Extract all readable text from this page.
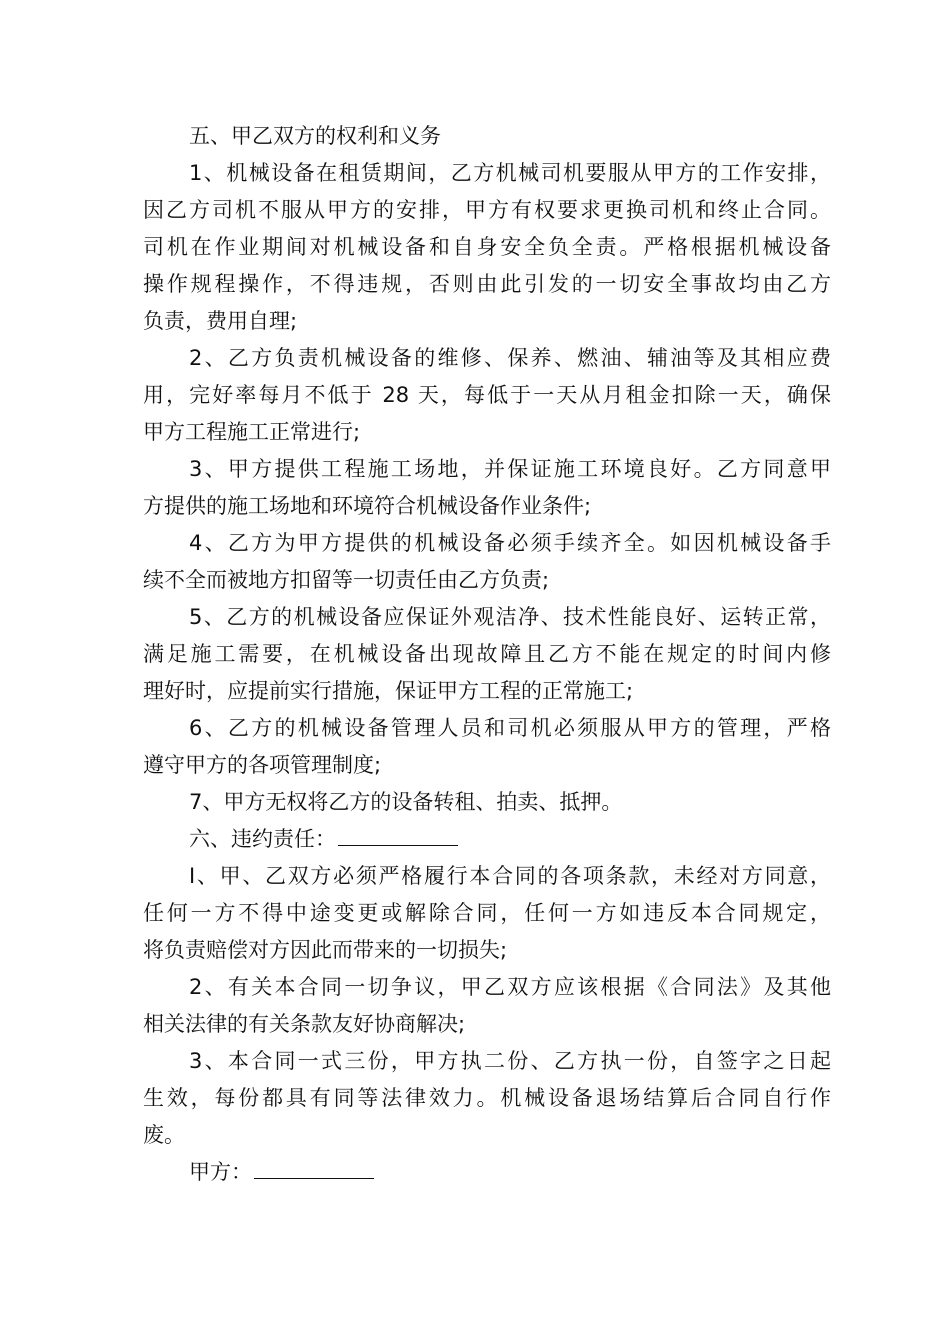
五、甲乙双方的权利和义务
1、机械设备在租赁期间，乙方机械司机要服从甲方的工作安排，
因乙方司机不服从甲方的安排，甲方有权要求更换司机和终止合同。
司机在作业期间对机械设备和自身安全负全责。严格根据机械设备
操作规程操作，不得违规，否则由此引发的一切安全事故均由乙方
负责，费用自理;
2、乙方负责机械设备的维修、保养、燃油、辅油等及其相应费
用，完好率每月不低于 28 天，每低于一天从月租金扣除一天，确保
甲方工程施工正常进行;
3、甲方提供工程施工场地，并保证施工环境良好。乙方同意甲
方提供的施工场地和环境符合机械设备作业条件;
4、乙方为甲方提供的机械设备必须手续齐全。如因机械设备手
续不全而被地方扣留等一切责任由乙方负责;
5、乙方的机械设备应保证外观洁净、技术性能良好、运转正常，
满足施工需要，在机械设备出现故障且乙方不能在规定的时间内修
理好时，应提前实行措施，保证甲方工程的正常施工;
6、乙方的机械设备管理人员和司机必须服从甲方的管理，严格
遵守甲方的各项管理制度;
7、甲方无权将乙方的设备转租、拍卖、抵押。
六、违约责任：
I、甲、乙双方必须严格履行本合同的各项条款，未经对方同意，
任何一方不得中途变更或解除合同，任何一方如违反本合同规定，
将负责赔偿对方因此而带来的一切损失;
2、有关本合同一切争议，甲乙双方应该根据《合同法》及其他
相关法律的有关条款友好协商解决;
3、本合同一式三份，甲方执二份、乙方执一份，自签字之日起
生效，每份都具有同等法律效力。机械设备退场结算后合同自行作
废。
甲方：
